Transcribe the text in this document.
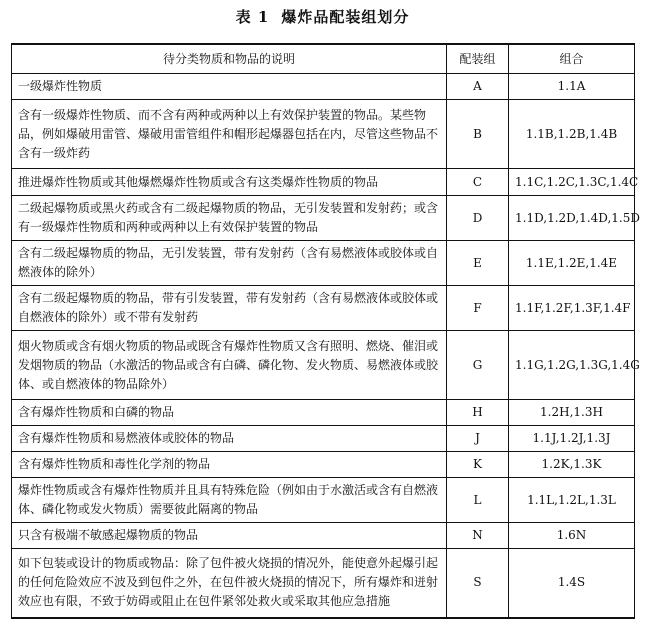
表 1 爆炸品配装组划分
待分类物质和物品的说明	配装组	组合
一级爆炸性物质	A	1.1A
含有一级爆炸性物质、而不含有两种或两种以上有效保护装置的物品。某些物品，例如爆破用雷管、爆破用雷管组件和帽形起爆器包括在内，尽管这些物品不含有一级炸药	B	1.1B,1.2B,1.4B
推进爆炸性物质或其他爆燃爆炸性物质或含有这类爆炸性物质的物品	C	1.1C,1.2C,1.3C,1.4C
二级起爆物质或黑火药或含有二级起爆物质的物品，无引发装置和发射药；或含有一级爆炸性物质和两种或两种以上有效保护装置的物品	D	1.1D,1.2D,1.4D,1.5D
含有二级起爆物质的物品，无引发装置，带有发射药（含有易燃液体或胶体或自燃液体的除外）	E	1.1E,1.2E,1.4E
含有二级起爆物质的物品，带有引发装置，带有发射药（含有易燃液体或胶体或自燃液体的除外）或不带有发射药	F	1.1F,1.2F,1.3F,1.4F
烟火物质或含有烟火物质的物品或既含有爆炸性物质又含有照明、燃烧、催泪或发烟物质的物品（水激活的物品或含有白磷、磷化物、发火物质、易燃液体或胶体、或自燃液体的物品除外）	G	1.1G,1.2G,1.3G,1.4G
含有爆炸性物质和白磷的物品	H	1.2H,1.3H
含有爆炸性物质和易燃液体或胶体的物品	J	1.1J,1.2J,1.3J
含有爆炸性物质和毒性化学剂的物品	K	1.2K,1.3K
爆炸性物质或含有爆炸性物质并且具有特殊危险（例如由于水激活或含有自燃液体、磷化物或发火物质）需要彼此隔离的物品	L	1.1L,1.2L,1.3L
只含有极端不敏感起爆物质的物品	N	1.6N
如下包装或设计的物质或物品：除了包件被火烧损的情况外，能使意外起爆引起的任何危险效应不波及到包件之外，在包件被火烧损的情况下，所有爆炸和迸射效应也有限，不致于妨碍或阻止在包件紧邻处救火或采取其他应急措施	S	1.4S
